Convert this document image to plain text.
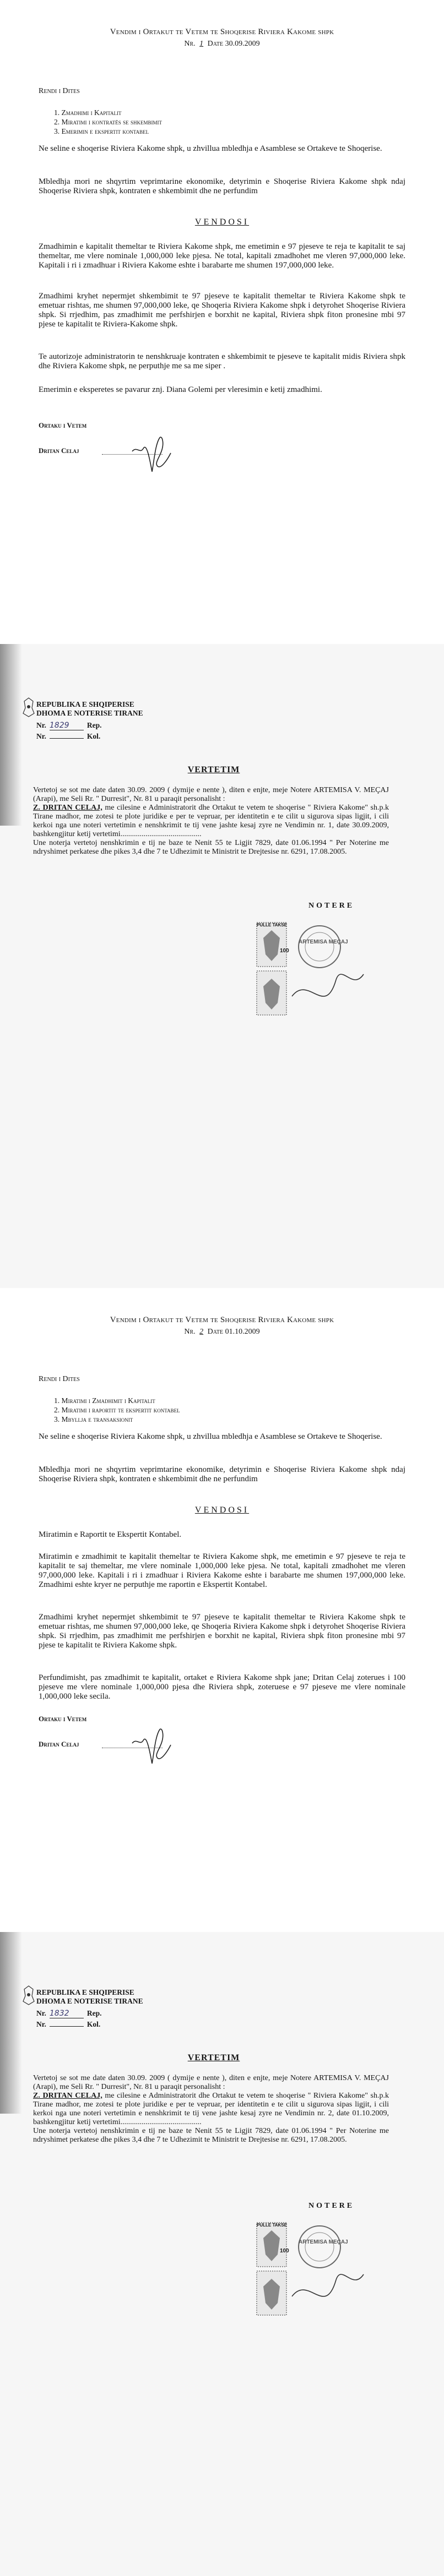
Vendim i Ortakut te Vetem te Shoqerise Riviera Kakome shpk
Nr. 1 Date 30.09.2009
Rendi i Dites
1. Zmadhimi i Kapitalit
2. Miratimi i kontratës se shkembimit
3. Emerimin e ekspertit kontabel
Ne seline e shoqerise Riviera Kakome shpk, u zhvillua mbledhja e Asamblese se Ortakeve te Shoqerise.
Mbledhja mori ne shqyrtim veprimtarine ekonomike, detyrimin e Shoqerise Riviera Kakome shpk ndaj Shoqerise Riviera shpk, kontraten e shkembimit dhe ne perfundim
VENDOSI
Zmadhimin e kapitalit themeltar te Riviera Kakome shpk, me emetimin e 97 pjeseve te reja te kapitalit te saj themeltar, me vlere nominale 1,000,000 leke pjesa. Ne total, kapitali zmadhohet me vleren 97,000,000 leke. Kapitali i ri i zmadhuar i Riviera Kakome eshte i barabarte me shumen 197,000,000 leke.
Zmadhimi kryhet nepermjet shkembimit te 97 pjeseve te kapitalit themeltar te Riviera Kakome shpk te emetuar rishtas, me shumen 97,000,000 leke, qe Shoqeria Riviera Kakome shpk i detyrohet Shoqerise Riviera shpk. Si rrjedhim, pas zmadhimit me perfshirjen e borxhit ne kapital, Riviera shpk fiton pronesine mbi 97 pjese te kapitalit te Riviera-Kakome shpk.
Te autorizoje administratorin te nenshkruaje kontraten e shkembimit te pjeseve te kapitalit midis Riviera shpk dhe Riviera Kakome shpk, ne perputhje me sa me siper .
Emerimin e eksperetes se pavarur znj. Diana Golemi per vleresimin e ketij zmadhimi.
Ortaku i Vetem
Dritan Celaj
REPUBLIKA E SHQIPERISE
DHOMA E NOTERISE TIRANE
Nr. 1829 Rep.
Nr.	Kol.
VERTETIM
Vertetoj se sot me date daten 30.09. 2009 ( dymije e nente ), diten e enjte, meje Notere ARTEMISA V. MEÇAJ (Arapi), me Seli Rr. " Durresit", Nr. 81 u paraqit personalisht :
Z. DRITAN CELAJ, me cilesine e Administratorit dhe Ortakut te vetem te shoqerise " Riviera Kakome" sh.p.k Tirane madhor, me zotesi te plote juridike e per te vepruar, per identitetin e te cilit u sigurova sipas ligjit, i cili kerkoi nga une noteri vertetimin e nenshkrimit te tij vene jashte kesaj zyre ne Vendimin nr. 1, date 30.09.2009, bashkengjitur ketij vertetimi..........................................
Une noterja vertetoj nenshkrimin e tij ne baze te Nenit 55 te Ligjit 7829, date 01.06.1994 " Per Noterine me ndryshimet perkatese dhe pikes 3,4 dhe 7 te Udhezimit te Ministrit te Drejtesise nr. 6291, 17.08.2005.
NOTERE
PULLE TAKSE
100
ARTEMISA MEÇAJ
Vendim i Ortakut te Vetem te Shoqerise Riviera Kakome shpk
Nr. 2 Date 01.10.2009
Rendi i Dites
1. Miratimi i Zmadhimit i Kapitalit
2. Miratimi i raportit te ekspertit kontabel
3. Mbyllja e transaksionit
Ne seline e shoqerise Riviera Kakome shpk, u zhvillua mbledhja e Asamblese se Ortakeve te Shoqerise.
Mbledhja mori ne shqyrtim veprimtarine ekonomike, detyrimin e Shoqerise Riviera Kakome shpk ndaj Shoqerise Riviera shpk, kontraten e shkembimit dhe ne perfundim
VENDOSI
Miratimin e Raportit te Ekspertit Kontabel.
Miratimin e zmadhimit te kapitalit themeltar te Riviera Kakome shpk, me emetimin e 97 pjeseve te reja te kapitalit te saj themeltar, me vlere nominale 1,000,000 leke pjesa. Ne total, kapitali zmadhohet me vleren 97,000,000 leke. Kapitali i ri i zmadhuar i Riviera Kakome eshte i barabarte me shumen 197,000,000 leke. Zmadhimi eshte kryer ne perputhje me raportin e Ekspertit Kontabel.
Zmadhimi kryhet nepermjet shkembimit te 97 pjeseve te kapitalit themeltar te Riviera Kakome shpk te emetuar rishtas, me shumen 97,000,000 leke, qe Shoqeria Riviera Kakome shpk i detyrohet Shoqerise Riviera shpk. Si rrjedhim, pas zmadhimit me perfshirjen e borxhit ne kapital, Riviera shpk fiton pronesine mbi 97 pjese te kapitalit te Riviera Kakome shpk.
Perfundimisht, pas zmadhimit te kapitalit, ortaket e Riviera Kakome shpk jane; Dritan Celaj zoterues i 100 pjeseve me vlere nominale 1,000,000 pjesa dhe Riviera shpk, zoteruese e 97 pjeseve me vlere nominale 1,000,000 leke secila.
Ortaku i Vetem
Dritan Celaj
REPUBLIKA E SHQIPERISE
DHOMA E NOTERISE TIRANE
Nr. 1832 Rep.
Nr.	Kol.
VERTETIM
Vertetoj se sot me date daten 30.09. 2009 ( dymije e nente ), diten e enjte, meje Notere ARTEMISA V. MEÇAJ (Arapi), me Seli Rr. " Durresit", Nr. 81 u paraqit personalisht :
Z. DRITAN CELAJ, me cilesine e Administratorit dhe Ortakut te vetem te shoqerise " Riviera Kakome" sh.p.k Tirane madhor, me zotesi te plote juridike e per te vepruar, per identitetin e te cilit u sigurova sipas ligjit, i cili kerkoi nga une noteri vertetimin e nenshkrimit te tij vene jashte kesaj zyre ne Vendimin nr. 2, date 01.10.2009, bashkengjitur ketij vertetimi..........................................
Une noterja vertetoj nenshkrimin e tij ne baze te Nenit 55 te Ligjit 7829, date 01.06.1994 " Per Noterine me ndryshimet perkatese dhe pikes 3,4 dhe 7 te Udhezimit te Ministrit te Drejtesise nr. 6291, 17.08.2005.
NOTERE
PULLE TAKSE
100
ARTEMISA MEÇAJ
